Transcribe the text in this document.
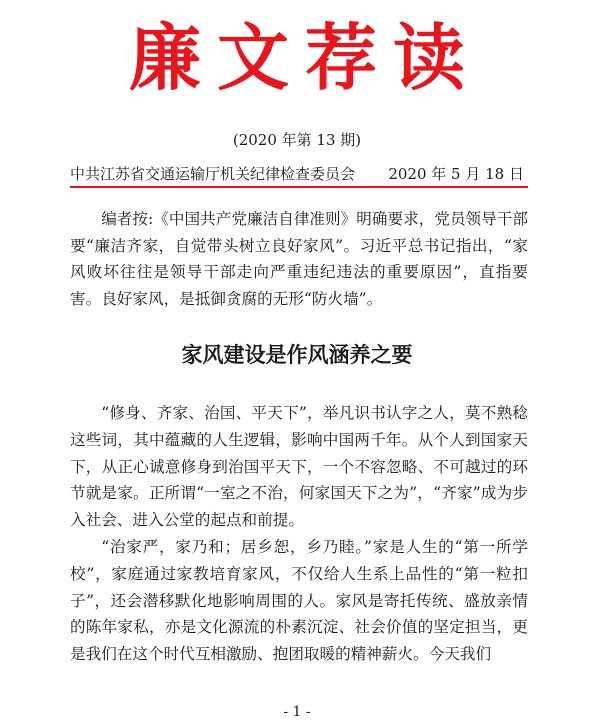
廉文荐读
(2020 年第 13 期)
中共江苏省交通运输厅机关纪律检查委员会 2020 年 5 月 18 日

编者按:《中国共产党廉洁自律准则》明确要求，党员领导干部要“廉洁齐家，自觉带头树立良好家风”。习近平总书记指出，“家风败坏往往是领导干部走向严重违纪违法的重要原因”，直指要害。良好家风，是抵御贪腐的无形“防火墙”。

家风建设是作风涵养之要

“修身、齐家、治国、平天下”，举凡识书认字之人，莫不熟稔这些词，其中蕴藏的人生逻辑，影响中国两千年。从个人到国家天下，从正心诚意修身到治国平天下，一个不容忽略、不可越过的环节就是家。正所谓“一室之不治，何家国天下之为”，“齐家”成为步入社会、进入公堂的起点和前提。

“治家严，家乃和；居乡恕，乡乃睦。”家是人生的“第一所学校”，家庭通过家教培育家风，不仅给人生系上品性的“第一粒扣子”，还会潜移默化地影响周围的人。家风是寄托传统、盛放亲情的陈年家私，亦是文化源流的朴素沉淀、社会价值的坚定担当，更是我们在这个时代互相激励、抱团取暖的精神薪火。今天我们

- 1 -
